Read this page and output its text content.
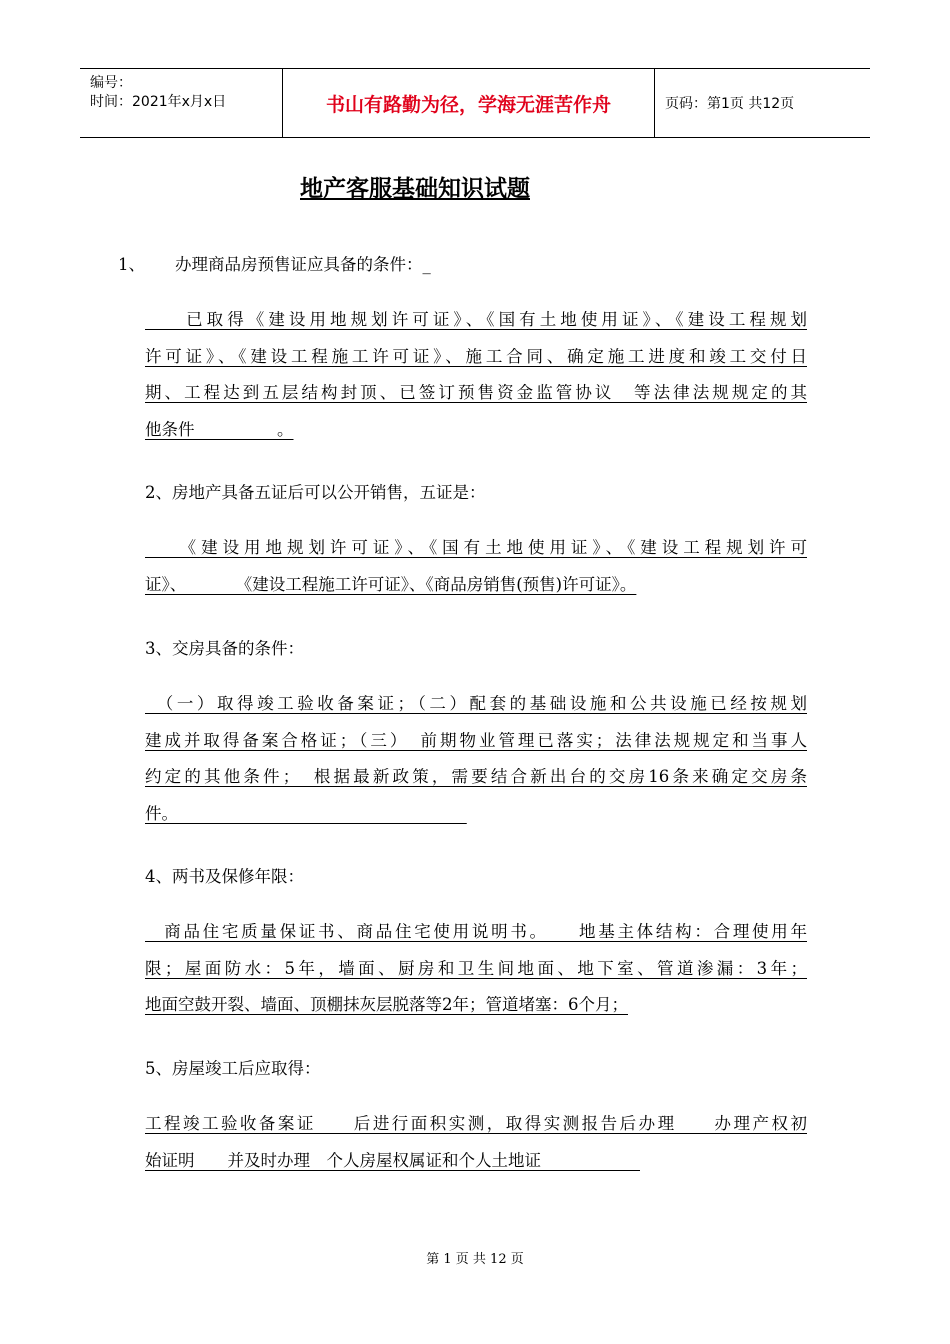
编号：
时间：2021年x月x日	书山有路勤为径，学海无涯苦作舟	页码：第1页 共12页
地产客服基础知识试题
1、 办理商品房预售证应具备的条件：_
　　已取得《建设用地规划许可证》、《国有土地使用证》、《建设工程规划
许可证》、《建设工程施工许可证》、施工合同、确定施工进度和竣工交付日
期、工程达到五层结构封顶、已签订预售资金监管协议　等法律法规规定的其
他条件　　　　　。
2、房地产具备五证后可以公开销售，五证是：
　　《建设用地规划许可证》、《国有土地使用证》、《建设工程规划许可
证》、　　　　《建设工程施工许可证》、《商品房销售(预售)许可证》。
3、交房具备的条件：
　（一）取得竣工验收备案证；（二）配套的基础设施和公共设施已经按规划
建成并取得备案合格证；（三）　前期物业管理已落实；法律法规规定和当事人
约定的其他条件；　根据最新政策，需要结合新出台的交房16条来确定交房条
件。　　　　　　　　　　　　　　　　　　
4、两书及保修年限：
　商品住宅质量保证书、商品住宅使用说明书。　　地基主体结构：合理使用年
限；屋面防水：5年，墙面、厨房和卫生间地面、地下室、管道渗漏：3年；
地面空鼓开裂、墙面、顶棚抹灰层脱落等2年；管道堵塞：6个月；
5、房屋竣工后应取得：
工程竣工验收备案证　　后进行面积实测，取得实测报告后办理　　办理产权初
始证明　　并及时办理　个人房屋权属证和个人土地证　　　　　　
第 1 页 共 12 页
